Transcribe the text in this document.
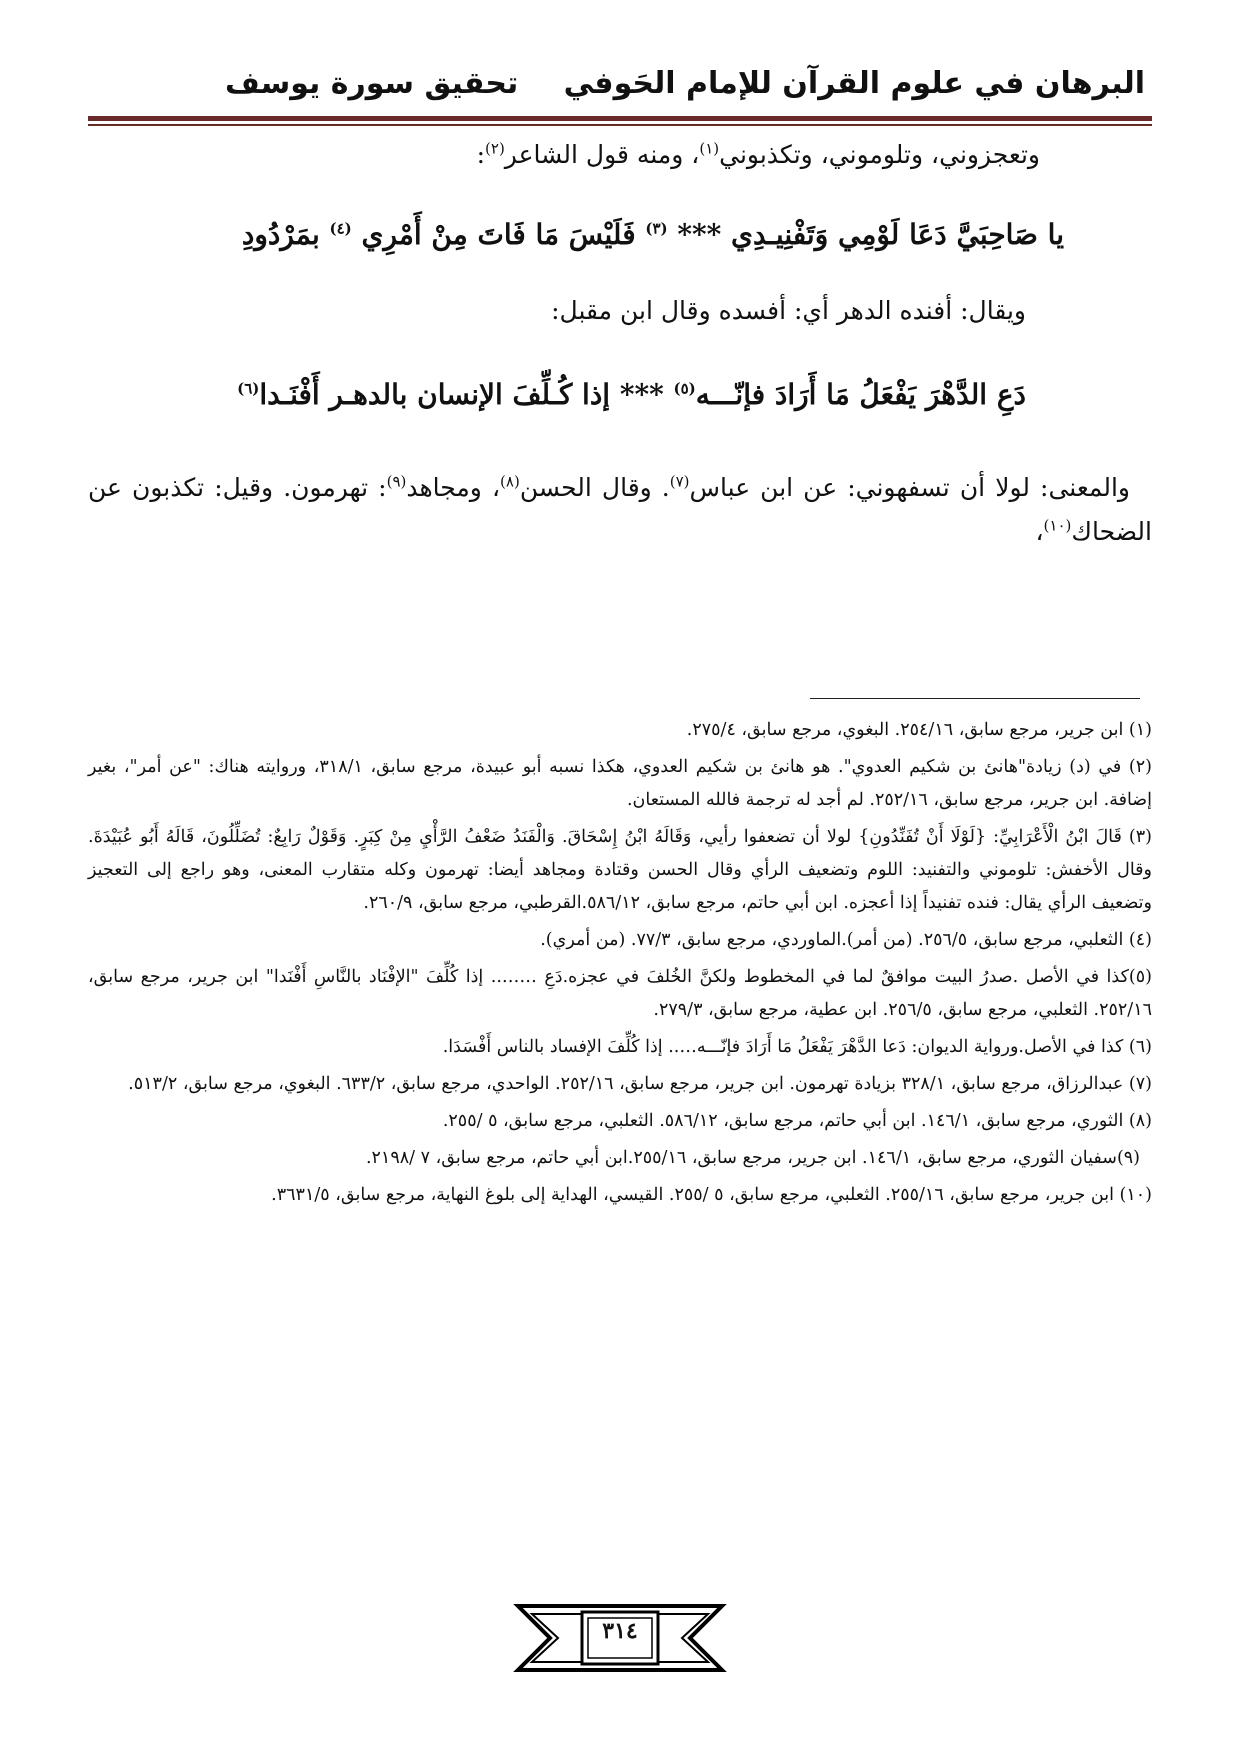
البرهان في علوم القرآن للإمام الحَوفي
تحقيق سورة يوسف
وتعجزوني، وتلوموني، وتكذبوني$^{(١)}$، ومنه قول الشاعر$^{(٢)}$:
يا صَاحِبَيَّ دَعَا لَوْمِي وَتَفْنِيـدِي *** $^{(٣)}$ فَلَيْسَ مَا فَاتَ مِنْ أَمْرِي $^{(٤)}$ بمَرْدُودِ
ويقال: أفنده الدهر أي: أفسده وقال ابن مقبل:
دَعِ الدَّهْرَ يَفْعَلُ مَا أَرَادَ فإنّـــه$^{(٥)}$ *** إذا كُـلِّفَ الإنسان بالدهـر أَفْنَـدا$^{(٦)}$
والمعنى: لولا أن تسفهوني: عن ابن عباس$^{(٧)}$. وقال الحسن$^{(٨)}$، ومجاهد$^{(٩)}$: تهرمون. وقيل: تكذبون عن الضحاك$^{(١٠)}$،

(١) ابن جرير، مرجع سابق، ٢٥٤/١٦. البغوي، مرجع سابق، ٢٧٥/٤.

(٢) في (د) زيادة"هانئ بن شكيم العدوي". هو هانئ بن شكيم العدوي، هكذا نسبه أبو عبيدة، مرجع سابق، ٣١٨/١، وروايته هناك: "عن أمر"، بغير إضافة. ابن جرير، مرجع سابق، ٢٥٢/١٦. لم أجد له ترجمة فالله المستعان.

(٣) قَالَ ابْنُ الْأَعْرَابِيِّ: {لَوْلَا أَنْ تُفَنِّدُونِ} لولا أن تضعفوا رأيي، وَقَالَهُ ابْنُ إِسْحَاقَ. وَالْفَنَدُ ضَعْفُ الرَّأْيِ مِنْ كِبَرٍ. وَقَوْلٌ رَابِعٌ: تُضَلِّلُونَ، قَالَهُ أَبُو عُبَيْدَةَ. وقال الأخفش: تلوموني والتفنيد: اللوم وتضعيف الرأي وقال الحسن وقتادة ومجاهد أيضا: تهرمون وكله متقارب المعنى، وهو راجع إلى التعجيز وتضعيف الرأي يقال: فنده تفنيداً إذا أعجزه. ابن أبي حاتم، مرجع سابق، ٥٨٦/١٢.القرطبي، مرجع سابق، ٢٦٠/٩.

(٤) الثعلبي، مرجع سابق، ٢٥٦/٥. (من أمر).الماوردي، مرجع سابق، ٧٧/٣. (من أمري).

(٥)كذا في الأصل .صدرُ البيت موافقٌ لما في المخطوط ولكنَّ الخُلفَ في عجزه.دَعِ …….. إذا كُلِّفَ "الإفْنَاد بالنَّاسِ أَفْنَدا" ابن جرير، مرجع سابق، ٢٥٢/١٦. الثعلبي، مرجع سابق، ٢٥٦/٥. ابن عطية، مرجع سابق، ٢٧٩/٣.

(٦) كذا في الأصل.ورواية الديوان: دَعا الدَّهْرَ يَفْعَلُ مَا أَرَادَ فإنّـــه….. إذا كُلِّفَ الإفساد بالناس أَفْسَدَا.

(٧) عبدالرزاق، مرجع سابق، ٣٢٨/١ بزيادة تهرمون. ابن جرير، مرجع سابق، ٢٥٢/١٦. الواحدي، مرجع سابق، ٦٣٣/٢. البغوي، مرجع سابق، ٥١٣/٢.

(٨) الثوري، مرجع سابق، ١٤٦/١. ابن أبي حاتم، مرجع سابق، ٥٨٦/١٢. الثعلبي، مرجع سابق، ٥ /٢٥٥.

(٩)سفيان الثوري، مرجع سابق، ١٤٦/١. ابن جرير، مرجع سابق، ٢٥٥/١٦.ابن أبي حاتم، مرجع سابق، ٧ /٢١٩٨.

(١٠) ابن جرير، مرجع سابق، ٢٥٥/١٦. الثعلبي، مرجع سابق، ٥ /٢٥٥. القيسي، الهداية إلى بلوغ النهاية، مرجع سابق، ٣٦٣١/٥.

٣١٤
